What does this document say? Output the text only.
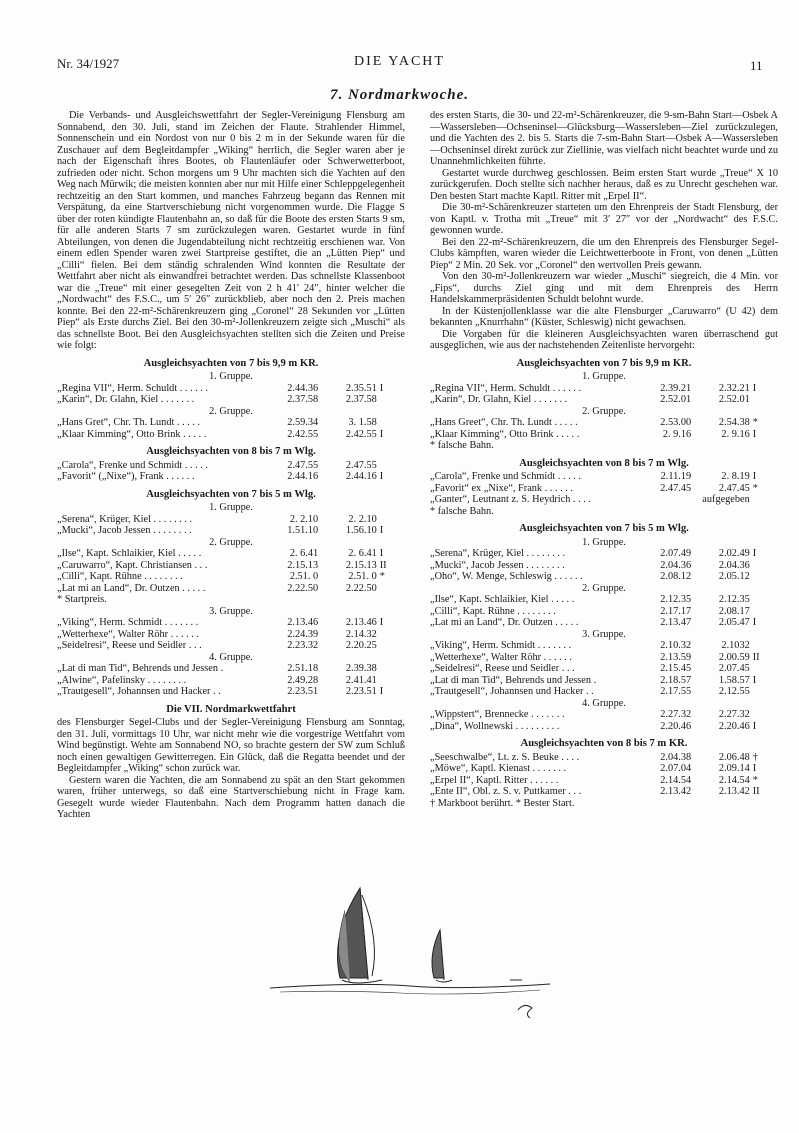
Nr. 34/1927	DIE YACHT	11
7. Nordmarkwoche.

Die Verbands- und Ausgleichswettfahrt der Segler-Vereinigung Flensburg am Sonnabend, den 30. Juli, stand im Zeichen der Flaute. Strahlender Himmel, Sonnenschein und ein Nordost von nur 0 bis 2 m in der Sekunde waren für die Zuschauer auf dem Begleitdampfer „Wiking“ herrlich, die Segler waren aber je nach der Eigenschaft ihres Bootes, ob Flautenläufer oder Schwerwetterboot, zufrieden oder nicht. Schon morgens um 9 Uhr machten sich die Yachten auf den Weg nach Mürwik; die meisten konnten aber nur mit Hilfe einer Schleppgelegenheit rechtzeitig an den Start kommen, und manches Fahrzeug begann das Rennen mit Verspätung, da eine Startverschiebung nicht vorgenommen wurde. Die Flagge S über der roten kündigte Flautenbahn an, so daß für die Boote des ersten Starts 9 sm, für alle anderen Starts 7 sm zurückzulegen waren. Gestartet wurde in fünf Abteilungen, von denen die Jugendabteilung nicht rechtzeitig erschienen war. Von einem edlen Spender waren zwei Startpreise gestiftet, die an „Lütten Piep“ und „Cilli“ fielen. Bei dem ständig schralenden Wind konnten die Resultate der Wettfahrt aber nicht als einwandfrei betrachtet werden. Das schnellste Klassenboot war die „Treue“ mit einer gesegelten Zeit von 2 h 41′ 24″, hinter welcher die „Nordwacht“ des F.S.C., um 5′ 26″ zurückblieb, aber noch den 2. Preis machen konnte. Bei den 22-m²-Schärenkreuzern ging „Coronel“ 28 Sekunden vor „Lütten Piep“ als Erste durchs Ziel. Bei den 30-m²-Jollenkreuzern zeigte sich „Muschi“ als das schnellste Boot. Bei den Ausgleichsyachten stellten sich die Zeiten und Preise wie folgt:

Ausgleichsyachten von 7 bis 9,9 m KR.
1. Gruppe.			
„Regina VII“, Herm. Schuldt . . . . . .	2.44.36	2.35.51	I
„Karin“, Dr. Glahn, Kiel . . . . . . .	2.37.58	2.37.58	
2. Gruppe.			
„Hans Gret“, Chr. Th. Lundt . . . . .	2.59.34	3. 1.58	
„Klaar Kimming“, Otto Brink . . . . .	2.42.55	2.42.55	I
Ausgleichsyachten von 8 bis 7 m Wlg.
„Carola“, Frenke und Schmidt . . . . .	2.47.55	2.47.55	
„Favorit“ („Nixe“), Frank . . . . . .	2.44.16	2.44.16	I
Ausgleichsyachten von 7 bis 5 m Wlg.
1. Gruppe.			
„Serena“, Krüger, Kiel . . . . . . . .	2. 2.10	2. 2.10	
„Mucki“, Jacob Jessen . . . . . . . .	1.51.10	1.56.10	I
2. Gruppe.			
„Ilse“, Kapt. Schlaikier, Kiel . . . . .	2. 6.41	2. 6.41	I
„Caruwarro“, Kapt. Christiansen . . .	2.15.13	2.15.13	II
„Cilli“, Kapt. Rühne . . . . . . . .	2.51. 0	2.51. 0	*
„Lat mi an Land“, Dr. Outzen . . . . .	2.22.50	2.22.50	
* Startpreis.			
3. Gruppe.			
„Viking“, Herm. Schmidt . . . . . . .	2.13.46	2.13.46	I
„Wetterhexe“, Walter Röhr . . . . . .	2.24.39	2.14.32	
„Seidelresi“, Reese und Seidler . . .	2.23.32	2.20.25	
4. Gruppe.			
„Lat di man Tid“, Behrends und Jessen .	2.51.18	2.39.38	
„Alwine“, Pafelinsky . . . . . . . .	2.49.28	2.41.41	
„Trautgesell“, Johannsen und Hacker . .	2.23.51	2.23.51	I
Die VII. Nordmarkwettfahrt

des Flensburger Segel-Clubs und der Segler-Vereinigung Flensburg am Sonntag, den 31. Juli, vormittags 10 Uhr, war nicht mehr wie die vorgestrige Wettfahrt vom Wind begünstigt. Wehte am Sonnabend NO, so brachte gestern der SW zum Schluß noch einen gewaltigen Gewitterregen. Ein Glück, daß die Regatta beendet und der Begleitdampfer „Wiking“ schon zurück war.

Gestern waren die Yachten, die am Sonnabend zu spät an den Start gekommen waren, früher unterwegs, so daß eine Startverschiebung nicht in Frage kam. Gesegelt wurde wieder Flautenbahn. Nach dem Programm hatten danach die Yachten

des ersten Starts, die 30- und 22-m²-Schärenkreuzer, die 9-sm-Bahn Start—Osbek A—Wassersleben—Ochseninsel—Glücksburg—Wassersleben—Ziel zurückzulegen, und die Yachten des 2. bis 5. Starts die 7-sm-Bahn Start—Osbek A—Wassersleben—Ochseninsel direkt zurück zur Ziellinie, was vielfach nicht beachtet wurde und zu Unannehmlichkeiten führte.

Gestartet wurde durchweg geschlossen. Beim ersten Start wurde „Treue“ X 10 zurückgerufen. Doch stellte sich nachher heraus, daß es zu Unrecht geschehen war. Den besten Start machte Kaptl. Ritter mit „Erpel II“.

Die 30-m²-Schärenkreuzer starteten um den Ehrenpreis der Stadt Flensburg, der von Kaptl. v. Trotha mit „Treue“ mit 3′ 27″ vor der „Nordwacht“ des F.S.C. gewonnen wurde.

Bei den 22-m²-Schärenkreuzern, die um den Ehrenpreis des Flensburger Segel-Clubs kämpften, waren wieder die Leichtwetterboote in Front, von denen „Lütten Piep“ 2 Min. 20 Sek. vor „Coronel“ den wertvollen Preis gewann.

Von den 30-m²-Jollenkreuzern war wieder „Muschi“ siegreich, die 4 Min. vor „Fips“, durchs Ziel ging und mit dem Ehrenpreis des Herrn Handelskammerpräsidenten Schuldt belohnt wurde.

In der Küstenjollenklasse war die alte Flensburger „Caruwarro“ (U 42) dem bekannten „Knurrhahn“ (Küster, Schleswig) nicht gewachsen.

Die Vorgaben für die kleineren Ausgleichsyachten waren überraschend gut ausgeglichen, wie aus der nachstehenden Zeitenliste hervorgeht:

Ausgleichsyachten von 7 bis 9,9 m KR.
1. Gruppe.			
„Regina VII“, Herm. Schuldt . . . . . .	2.39.21	2.32.21	I
„Karin“, Dr. Glahn, Kiel . . . . . . .	2.52.01	2.52.01	
2. Gruppe.			
„Hans Greet“, Chr. Th. Lundt . . . . .	2.53.00	2.54.38	*
„Klaar Kimming“, Otto Brink . . . . .	2. 9.16	2. 9.16	I
* falsche Bahn.			
Ausgleichsyachten von 8 bis 7 m Wlg.
„Carola“, Frenke und Schmidt . . . . .	2.11.19	2. 8.19	I
„Favorit“ ex „Nixe“, Frank . . . . . .	2.47.45	2.47.45	*
„Ganter“, Leutnant z. S. Heydrich . . . .		aufgegeben	
* falsche Bahn.			
Ausgleichsyachten von 7 bis 5 m Wlg.
1. Gruppe.			
„Serena“, Krüger, Kiel . . . . . . . .	2.07.49	2.02.49	I
„Mucki“, Jacob Jessen . . . . . . . .	2.04.36	2.04.36	
„Oho“, W. Menge, Schleswig . . . . . .	2.08.12	2.05.12	
2. Gruppe.			
„Ilse“, Kapt. Schlaikier, Kiel . . . . .	2.12.35	2.12.35	
„Cilli“, Kapt. Rühne . . . . . . . .	2.17.17	2.08.17	
„Lat mi an Land“, Dr. Outzen . . . . .	2.13.47	2.05.47	I
3. Gruppe.			
„Viking“, Herm. Schmidt . . . . . . .	2.10.32	2.1032	
„Wetterhexe“, Walter Röhr . . . . . .	2.13.59	2.00.59	II
„Seidelresi“, Reese und Seidler . . .	2.15.45	2.07.45	
„Lat di man Tid“, Behrends und Jessen .	2.18.57	1.58.57	I
„Trautgesell“, Johannsen und Hacker . .	2.17.55	2.12.55	
4. Gruppe.			
„Wippstert“, Brennecke . . . . . . .	2.27.32	2.27.32	
„Dina“, Wollnewski . . . . . . . . .	2.20.46	2.20.46	I
Ausgleichsyachten von 8 bis 7 m KR.
„Seeschwalbe“, Lt. z. S. Beuke . . . .	2.04.38	2.06.48	†
„Möwe“, Kaptl. Kienast . . . . . . .	2.07.04	2.09.14	I
„Erpel II“, Kaptl. Ritter . . . . . .	2.14.54	2.14.54	*
„Ente II“, Obl. z. S. v. Puttkamer . . .	2.13.42	2.13.42	II
† Markboot berührt. * Bester Start.			
